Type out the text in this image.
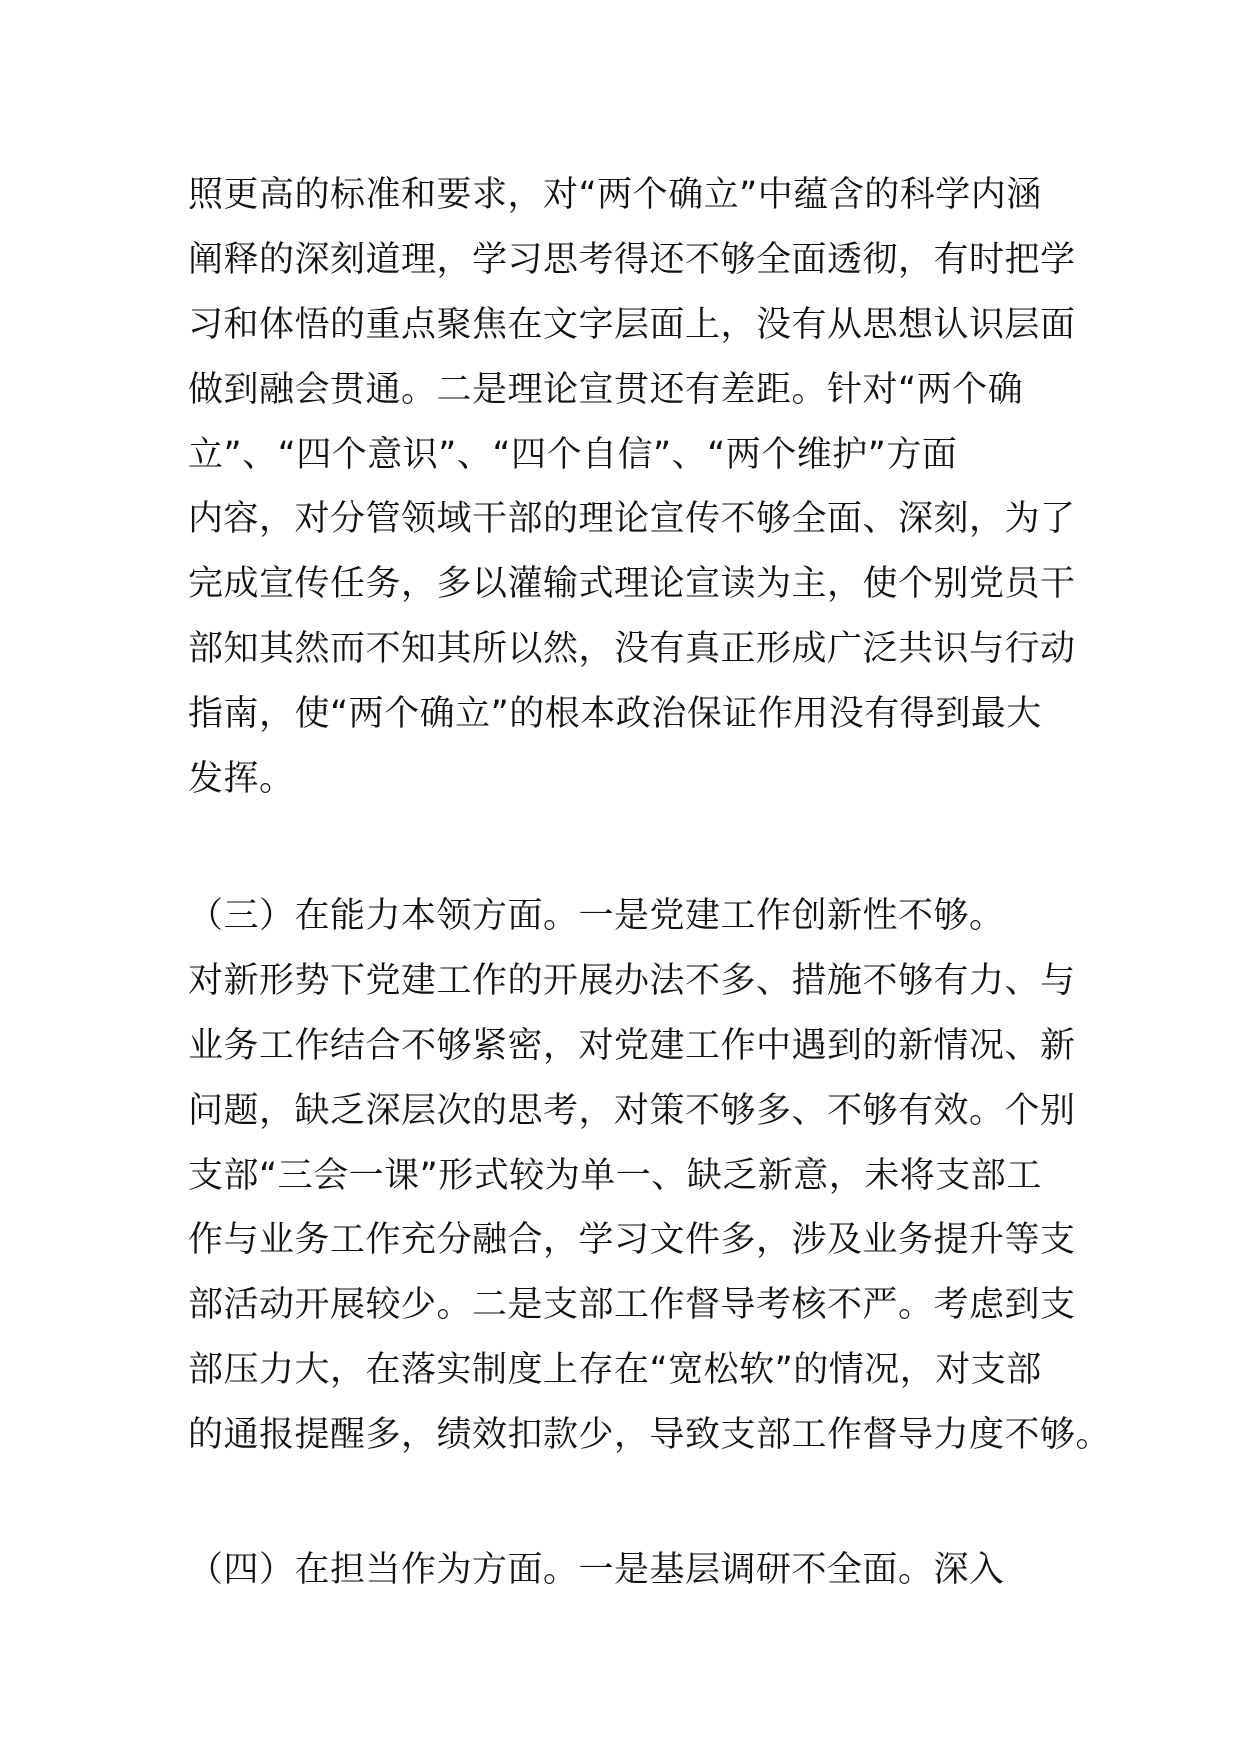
照更高的标准和要求，对“两个确立”中蕴含的科学内涵
阐释的深刻道理，学习思考得还不够全面透彻，有时把学
习和体悟的重点聚焦在文字层面上，没有从思想认识层面
做到融会贯通。二是理论宣贯还有差距。针对“两个确
立”、“四个意识”、“四个自信”、“两个维护”方面
内容，对分管领域干部的理论宣传不够全面、深刻，为了
完成宣传任务，多以灌输式理论宣读为主，使个别党员干
部知其然而不知其所以然，没有真正形成广泛共识与行动
指南，使“两个确立”的根本政治保证作用没有得到最大
发挥。
（三）在能力本领方面。一是党建工作创新性不够。
对新形势下党建工作的开展办法不多、措施不够有力、与
业务工作结合不够紧密，对党建工作中遇到的新情况、新
问题，缺乏深层次的思考，对策不够多、不够有效。个别
支部“三会一课”形式较为单一、缺乏新意，未将支部工
作与业务工作充分融合，学习文件多，涉及业务提升等支
部活动开展较少。二是支部工作督导考核不严。考虑到支
部压力大，在落实制度上存在“宽松软”的情况，对支部
的通报提醒多，绩效扣款少，导致支部工作督导力度不够。
（四）在担当作为方面。一是基层调研不全面。深入
